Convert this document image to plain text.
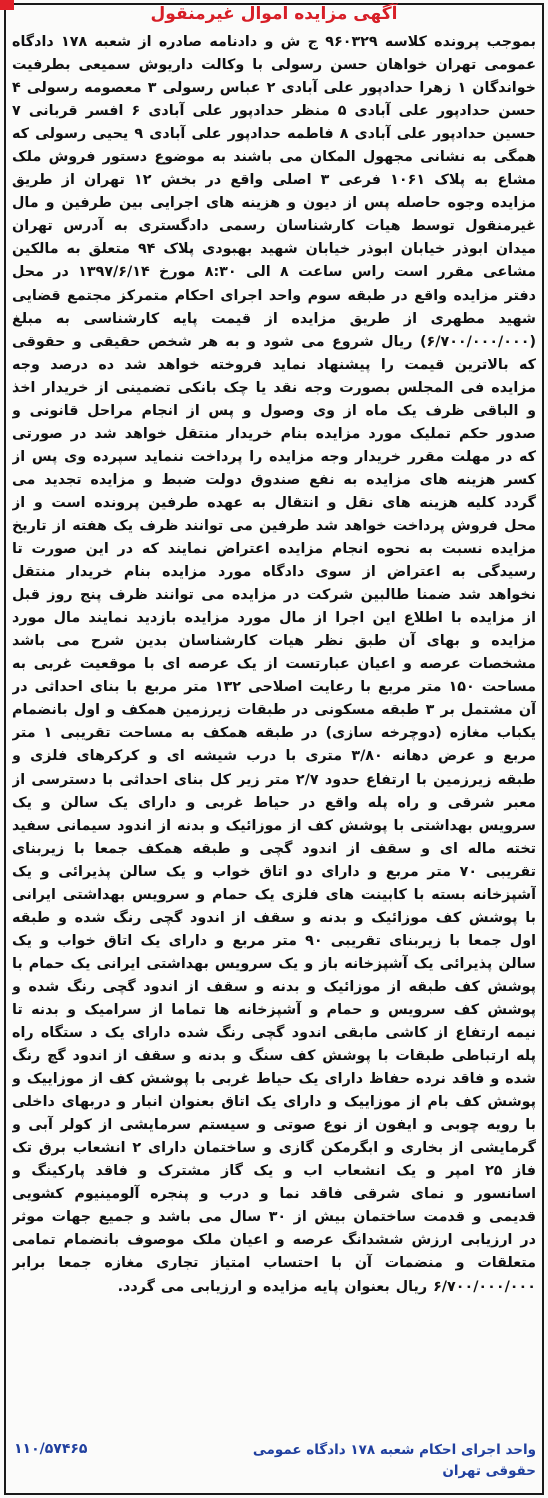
آگهی مزایده اموال غیرمنقول
بموجب پرونده کلاسه ۹۶۰۳۲۹ ج ش و دادنامه صادره از شعبه ۱۷۸ دادگاه عمومی تهران خواهان حسن رسولی با وکالت داریوش سمیعی بطرفیت خواندگان ۱ زهرا حدادپور علی آبادی ۲ عباس رسولی ۳ معصومه رسولی ۴ حسن حدادپور علی آبادی ۵ منظر حدادپور علی آبادی ۶ افسر قربانی ۷ حسین حدادپور علی آبادی ۸ فاطمه حدادپور علی آبادی ۹ یحیی رسولی که همگی به نشانی مجهول المکان می باشند به موضوع دستور فروش ملک مشاع به پلاک ۱۰۶۱ فرعی ۳ اصلی واقع در بخش ۱۲ تهران از طریق مزایده وجوه حاصله پس از دیون و هزینه های اجرایی بین طرفین و مال غیرمنقول توسط هیات کارشناسان رسمی دادگستری به آدرس تهران میدان ابوذر خیابان ابوذر خیابان شهید بهبودی پلاک ۹۴ متعلق به مالکین مشاعی مقرر است راس ساعت ۸ الی ۸:۳۰ مورخ ۱۳۹۷/۶/۱۴ در محل دفتر مزایده واقع در طبقه سوم واحد اجرای احکام متمرکز مجتمع قضایی شهید مطهری از طریق مزایده از قیمت پایه کارشناسی به مبلغ (۶/۷۰۰/۰۰۰/۰۰۰) ریال شروع می شود و به هر شخص حقیقی و حقوقی که بالاترین قیمت را پیشنهاد نماید فروخته خواهد شد ده درصد وجه مزایده فی المجلس بصورت وجه نقد یا چک بانکی تضمینی از خریدار اخذ و الباقی ظرف یک ماه از وی وصول و پس از انجام مراحل قانونی و صدور حکم تملیک مورد مزایده بنام خریدار منتقل خواهد شد در صورتی که در مهلت مقرر خریدار وجه مزایده را پرداخت ننماید سپرده وی پس از کسر هزینه های مزایده به نفع صندوق دولت ضبط و مزایده تجدید می گردد کلیه هزینه های نقل و انتقال به عهده طرفین پرونده است و از محل فروش پرداخت خواهد شد طرفین می توانند ظرف یک هفته از تاریخ مزایده نسبت به نحوه انجام مزایده اعتراض نمایند که در این صورت تا رسیدگی به اعتراض از سوی دادگاه مورد مزایده بنام خریدار منتقل نخواهد شد ضمنا طالبین شرکت در مزایده می توانند ظرف پنج روز قبل از مزایده با اطلاع این اجرا از مال مورد مزایده بازدید نمایند مال مورد مزایده و بهای آن طبق نظر هیات کارشناسان بدین شرح می باشد مشخصات عرصه و اعیان عبارتست از یک عرصه ای با موقعیت غربی به مساحت ۱۵۰ متر مربع با رعایت اصلاحی ۱۳۲ متر مربع با بنای احداثی در آن مشتمل بر ۳ طبقه مسکونی در طبقات زیرزمین همکف و اول بانضمام یکباب مغازه (دوچرخه سازی) در طبقه همکف به مساحت تقریبی ۱ متر مربع و عرض دهانه ۳/۸۰ متری با درب شیشه ای و کرکرهای فلزی و طبقه زیرزمین با ارتفاع حدود ۲/۷ متر زیر کل بنای احداثی با دسترسی از معبر شرقی و راه پله واقع در حیاط غربی و دارای یک سالن و یک سرویس بهداشتی با پوشش کف از موزائیک و بدنه از اندود سیمانی سفید تخته ماله ای و سقف از اندود گچی و طبقه همکف جمعا با زیربنای تقریبی ۷۰ متر مربع و دارای دو اتاق خواب و یک سالن پذیرائی و یک آشپزخانه بسته با کابینت های فلزی یک حمام و سرویس بهداشتی ایرانی با پوشش کف موزائیک و بدنه و سقف از اندود گچی رنگ شده و طبقه اول جمعا با زیربنای تقریبی ۹۰ متر مربع و دارای یک اتاق خواب و یک سالن پذیرائی یک آشپزخانه باز و یک سرویس بهداشتی ایرانی یک حمام با پوشش کف طبقه از موزائیک و بدنه و سقف از اندود گچی رنگ شده و پوشش کف سرویس و حمام و آشپزخانه ها تماما از سرامیک و بدنه تا نیمه ارتفاع از کاشی مابقی اندود گچی رنگ شده دارای یک د ستگاه راه پله ارتباطی طبقات با پوشش کف سنگ و بدنه و سقف از اندود گچ رنگ شده و فاقد نرده حفاظ دارای یک حیاط غربی با پوشش کف از موزاییک و پوشش کف بام از موزاییک و دارای یک اتاق بعنوان انبار و دربهای داخلی با رویه چوبی و ایفون از نوع صوتی و سیستم سرمایشی از کولر آبی و گرمایشی از بخاری و ابگرمکن گازی و ساختمان دارای ۲ انشعاب برق تک فاز ۲۵ امپر و یک انشعاب اب و یک گاز مشترک و فاقد پارکینگ و اسانسور و نمای شرقی فاقد نما و درب و پنجره آلومینیوم کشویی قدیمی و قدمت ساختمان بیش از ۳۰ سال می باشد و جمیع جهات موثر در ارزیابی ارزش ششدانگ عرصه و اعیان ملک موصوف بانضمام تمامی متعلقات و منضمات آن با احتساب امتیاز تجاری مغازه جمعا برابر ۶/۷۰۰/۰۰۰/۰۰۰ ریال بعنوان پایه مزایده و ارزیابی می گردد.
۱۱۰/۵۷۴۶۵	واحد اجرای احکام شعبه ۱۷۸ دادگاه عمومی حقوقی تهران
